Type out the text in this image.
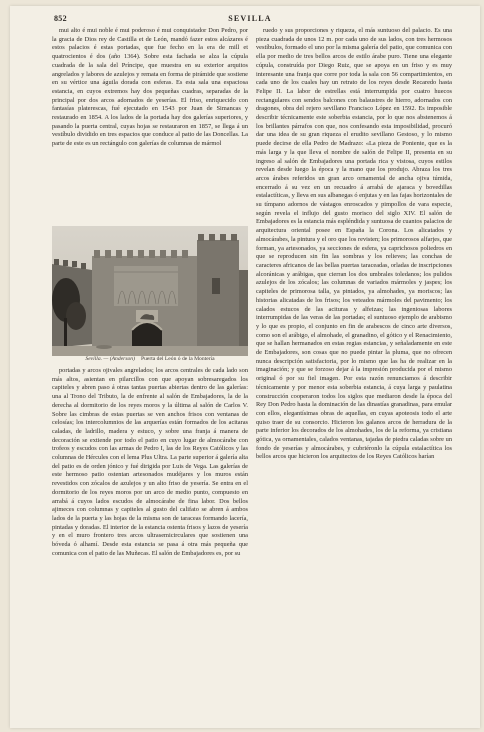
852	SEVILLA

mui alto é mui noble é mui poderoso é mui conquistador Don Pedro, por la gracia de Dios rey de Castilla et de León, mandó fazer estos alcázares é estos palacios é estas portadas, que fue fecho en la era de mill et quatrocientos é dos (año 1364). Sobre esta fachada se alza la cúpula cuadrada de la sala del Príncipe, que muestra en su exterior arquitos angrelados y labores de azulejos y remata en forma de pirámide que sostiene en su vértice una águila dorada con esferas. Es esta sala una espaciosa estancia, en cuyos extremos hay dos pequeñas cuadras, separadas de la principal por dos arcos adornados de yeserías. El friso, enriquecido con fantasías platerescas, fué ejecutado en 1543 por Juan de Simancas y restaurado en 1854. A los lados de la portada hay dos galerías superiores, y pasando la puerta central, cuyas hojas se restauraron en 1857, se llega á un vestíbulo dividido en tres espacios que conduce al patio de las Doncellas. La parte de este es un rectángulo con galerías de columnas de mármol

Sevilla. — (Anderson) Puerta del León ó de la Montería

portadas y arcos ojivales angrelados; los arcos centrales de cada lado son más altos, asientan en pilarcillos con que apoyan sobresaregados los capiteles y abren paso á otras tantas puertas abiertas dentro de las galerías: una al Trono del Tributo, la de enfrente al salón de Embajadores, la de la derecha al dormitorio de los reyes moros y la última al salón de Carlos V. Sobre las cimbras de estas puertas se ven anchos frisos con ventanas de celosías; los intercolumnios de las arquerías están formados de los acitaras caladas, de ladrillo, madera y estuco, y sobre una franja á manera de decoración se extiende por todo el patio en cuyo lugar de almocárabe con trofeos y escudos con las armas de Pedro I, las de los Reyes Católicos y las columnas de Hércules con el lema Plus Ultra. La parte superior á galería alta del patio es de orden jónico y fué dirigida por Luis de Vega. Las galerías de este hermoso patio ostentan artesonados mudéjares y los muros están revestidos con zócalos de azulejos y un alto friso de yesería. Se entra en el dormitorio de los reyes moros por un arco de medio punto, compuesto en arrabá á cuyos lados escudos de almocárabe de fina labor. Dos bellos ajimeces con columnas y capiteles al gusto del califato se abren á ambos lados de la puerta y las hojas de la misma son de taraceas formando lacería, pintadas y doradas. El interior de la estancia ostenta frisos y lazos de yesería y en el muro frontero tres arcos ultrasemicirculares que sostienen una bóveda ó alhamí. Desde esta estancia se pasa á otra más pequeña que comunica con el patio de las Muñecas. El salón de Embajadores es, por su

ruedo y sus proporciones y riqueza, el más suntuoso del palacio. Es una pieza cuadrada de unos 12 m. por cada uno de sus lados, con tres hermosos vestíbulos, formado el uno por la misma galería del patio, que comunica con ella por medio de tres bellos arcos de estilo árabe puro. Tiene una elegante cúpula, construída por Diego Ruiz, que se apoya en un friso y es muy interesante una franja que corre por toda la sala con 56 compartimientos, en cada uno de los cuales hay un retrato de los reyes desde Recaredo hasta Felipe II. La labor de estrellas está interrumpida por cuatro huecos rectangulares con sendos balcones con balaustres de hierro, adornados con dragones, obra del rejero sevillano Francisco López en 1592. Es imposible describir técnicamente este soberbia estancia, por lo que nos abstenemos á los brillantes párrafos con que, nos confesando esta imposibilidad, procuró dar una idea de su gran riqueza el erudito sevillano Gestoso, y lo mismo puede decirse de ella Pedro de Madrazo: «La pieza de Poniente, que es la más larga y la que lleva el nombre de salón de Felipe II, presenta en su ingreso al salón de Embajadores una portada rica y vistosa, cuyos estilos revelan desde luego la época y la mano que los produjo. Abraza los tres arcos árabes referidos un gran arco ornamental de ancha ojiva túmida, encerrado á su vez en un recuadro á arrabá de ajaraca y bovedillas estalactíticas, y lleva en sus albanegas ó enjutas y en las fajas horizontales de su tímpano adornos de vástagos enroscados y pimpollos de vara especie, según revela el influjo del gusto morisco del siglo XIV. El salón de Embajadores es la estancia más espléndida y suntuosa de cuantos palacios de arquitectura oriental posee en España la Corona. Los alicatados y almocárabes, la pintura y el oro que los revisten; los primorosos alfarjes, que forman, ya artesonados, ya secciones de esfera, ya caprichosos poliedros en que se reproducen sin fin las sombras y los relieves; las conchas de caracteres africanos de las bellas puertas taraceadas, orladas de inscripciones alcoránicas y arábigas, que cierran los dos umbrales toledanos; los pulidos azulejos de los zócalos; las columnas de variados mármoles y jaspes; los capiteles de primorosa talla, ya pintados, ya almohades, ya moriscos; las historias alicatadas de los frisos; los veteados mármoles del pavimento; los calados estucos de las acituras y alfeizas; las ingeniosas labores interrumpidas de las veras de las portadas; el suntuoso ejemplo de arabismo y lo que es propio, el conjunto en fin de arabescos de cinco arte diversos, como son el arábigo, el almohade, el granadino, el gótico y el Renacimiento, que se hallan hermanados en estas regias estancias, y señaladamente en este de Embajadores, son cosas que no puede pintar la pluma, que no ofrecen nunca descripción satisfactoria, por lo mismo que las ha de realizar en la imaginación; y que se forzoso dejar á la impresión producida por el mismo original ó por su fiel imagen. Por esta razón renunciamos á describir técnicamente y por menor esta soberbia estancia, á cuya larga y paulatina construcción cooperaron todos los siglos que mediaron desde la época del Rey Don Pedro hasta la dominación de las dinastías granadinas, para emular con ellos, elegantísimas obras de aquellas, en cuyas apoteosis todo el arte quiso traer de su consorcio. Hicieron los galanos arcos de herradura de la parte inferior los decorados de los almohades, los de la reforma, ya cristiana gótica, ya ornamentales, calados ventanas, tajadas de piedra caladas sobre un fondo de yeserías y almocárabes, y cubriéronlo la cúpula estalactítica los bellos arcos que hicieron los arquitectos de los Reyes Católicos harían
